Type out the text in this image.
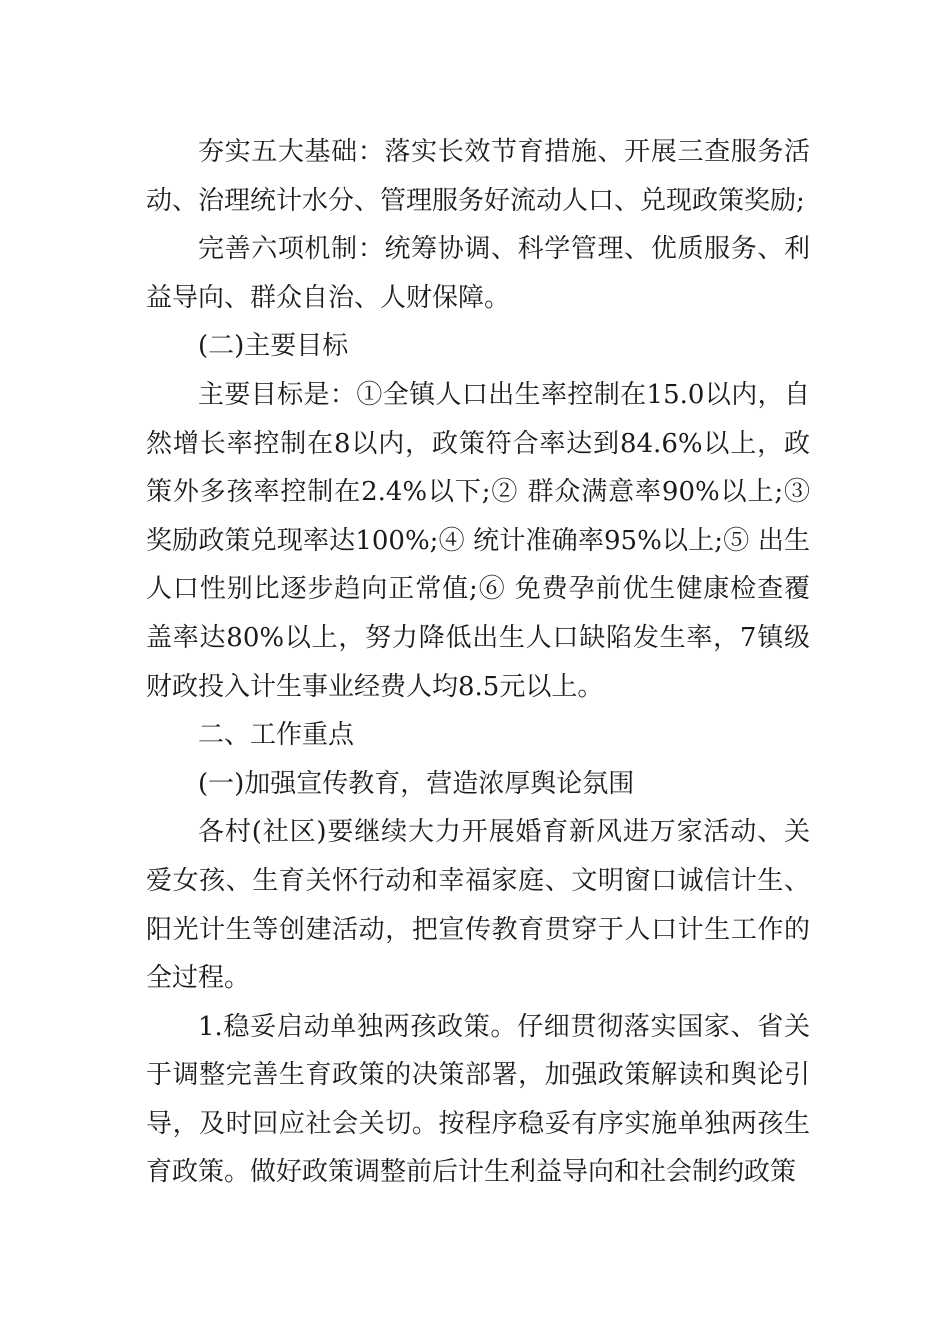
夯实五大基础：落实长效节育措施、开展三查服务活动、治理统计水分、管理服务好流动人口、兑现政策奖励;

完善六项机制：统筹协调、科学管理、优质服务、利益导向、群众自治、人财保障。

(二)主要目标

主要目标是：①全镇人口出生率控制在15.0以内，自然增长率控制在8以内，政策符合率达到84.6%以上，政策外多孩率控制在2.4%以下;② 群众满意率90%以上;③ 奖励政策兑现率达100%;④ 统计准确率95%以上;⑤ 出生人口性别比逐步趋向正常值;⑥ 免费孕前优生健康检查覆盖率达80%以上，努力降低出生人口缺陷发生率，7镇级财政投入计生事业经费人均8.5元以上。

二、工作重点

(一)加强宣传教育，营造浓厚舆论氛围

各村(社区)要继续大力开展婚育新风进万家活动、关爱女孩、生育关怀行动和幸福家庭、文明窗口诚信计生、阳光计生等创建活动，把宣传教育贯穿于人口计生工作的全过程。

1.稳妥启动单独两孩政策。仔细贯彻落实国家、省关于调整完善生育政策的决策部署，加强政策解读和舆论引导，及时回应社会关切。按程序稳妥有序实施单独两孩生育政策。做好政策调整前后计生利益导向和社会制约政策
